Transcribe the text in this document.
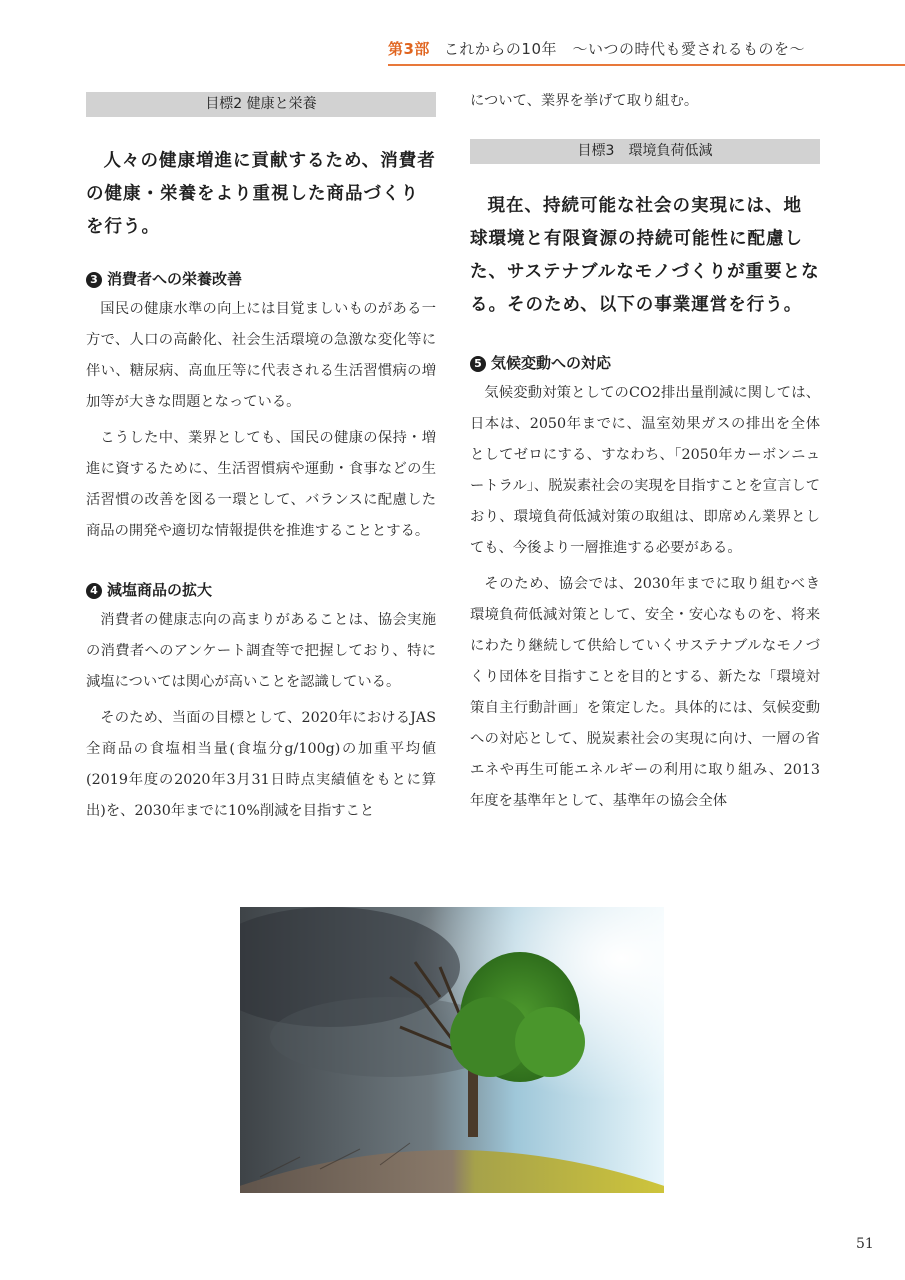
第3部 これからの10年　〜いつの時代も愛されるものを〜
目標2 健康と栄養

人々の健康増進に貢献するため、消費者の健康・栄養をより重視した商品づくりを行う。

3 消費者への栄養改善

国民の健康水準の向上には目覚ましいものがある一方で、人口の高齢化、社会生活環境の急激な変化等に伴い、糖尿病、高血圧等に代表される生活習慣病の増加等が大きな問題となっている。

こうした中、業界としても、国民の健康の保持・増進に資するために、生活習慣病や運動・食事などの生活習慣の改善を図る一環として、バランスに配慮した商品の開発や適切な情報提供を推進することとする。

4 減塩商品の拡大

消費者の健康志向の高まりがあることは、協会実施の消費者へのアンケート調査等で把握しており、特に減塩については関心が高いことを認識している。

そのため、当面の目標として、2020年におけるJAS全商品の食塩相当量(食塩分g/100g)の加重平均値(2019年度の2020年3月31日時点実績値をもとに算出)を、2030年までに10%削減を目指すこと

について、業界を挙げて取り組む。

目標3　環境負荷低減

現在、持続可能な社会の実現には、地球環境と有限資源の持続可能性に配慮した、サステナブルなモノづくりが重要となる。そのため、以下の事業運営を行う。

5 気候変動への対応

気候変動対策としてのCO2排出量削減に関しては、日本は、2050年までに、温室効果ガスの排出を全体としてゼロにする、すなわち、「2050年カーボンニュートラル」、脱炭素社会の実現を目指すことを宣言しており、環境負荷低減対策の取組は、即席めん業界としても、今後より一層推進する必要がある。

そのため、協会では、2030年までに取り組むべき環境負荷低減対策として、安全・安心なものを、将来にわたり継続して供給していくサステナブルなモノづくり団体を目指すことを目的とする、新たな「環境対策自主行動計画」を策定した。具体的には、気候変動への対応として、脱炭素社会の実現に向け、一層の省エネや再生可能エネルギーの利用に取り組み、2013年度を基準年として、基準年の協会全体

51
